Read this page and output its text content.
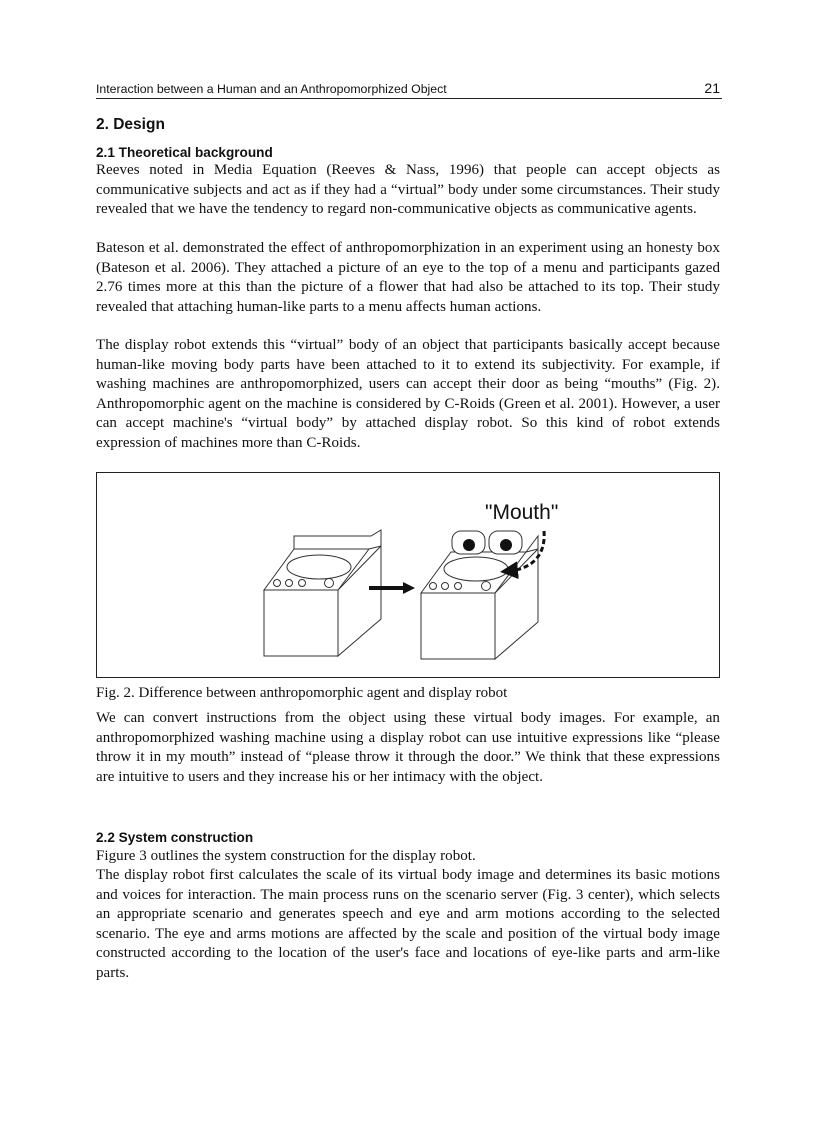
Interaction between a Human and an Anthropomorphized Object	21
2. Design
2.1 Theoretical background

Reeves noted in Media Equation (Reeves & Nass, 1996) that people can accept objects as communicative subjects and act as if they had a “virtual” body under some circumstances. Their study revealed that we have the tendency to regard non-communicative objects as communicative agents.

Bateson et al. demonstrated the effect of anthropomorphization in an experiment using an honesty box (Bateson et al. 2006). They attached a picture of an eye to the top of a menu and participants gazed 2.76 times more at this than the picture of a flower that had also be attached to its top. Their study revealed that attaching human-like parts to a menu affects human actions.

The display robot extends this “virtual” body of an object that participants basically accept because human-like moving body parts have been attached to it to extend its subjectivity. For example, if washing machines are anthropomorphized, users can accept their door as being “mouths” (Fig. 2). Anthropomorphic agent on the machine is considered by C-Roids (Green et al. 2001). However, a user can accept machine's “virtual body” by attached display robot. So this kind of robot extends expression of machines more than C-Roids.

"Mouth"
Fig. 2. Difference between anthropomorphic agent and display robot

We can convert instructions from the object using these virtual body images. For example, an anthropomorphized washing machine using a display robot can use intuitive expressions like “please throw it in my mouth” instead of “please throw it through the door.” We think that these expressions are intuitive to users and they increase his or her intimacy with the object.

2.2 System construction

Figure 3 outlines the system construction for the display robot.

The display robot first calculates the scale of its virtual body image and determines its basic motions and voices for interaction. The main process runs on the scenario server (Fig. 3 center), which selects an appropriate scenario and generates speech and eye and arm motions according to the selected scenario. The eye and arms motions are affected by the scale and position of the virtual body image constructed according to the location of the user's face and locations of eye-like parts and arm-like parts.
